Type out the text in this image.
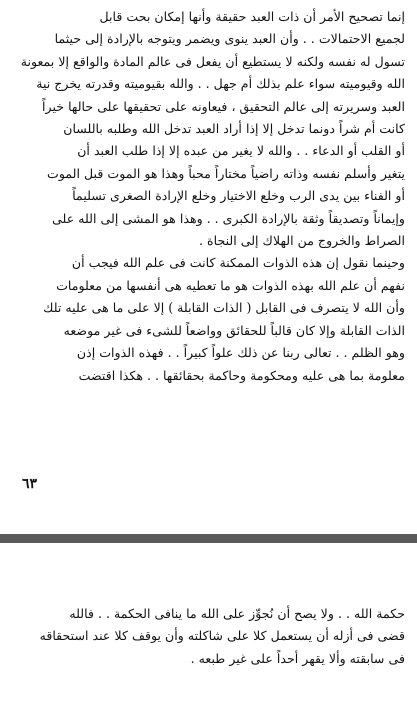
إنما تصحيح الأمر أن ذات العبد حقيقة وأنها إمكان بحت قابل
لجميع الاحتمالات . . وأن العبد ينوى ويضمر ويتوجه بالإرادة إلى حيثما
تسول له نفسه ولكنه لا يستطيع أن يفعل فى عالم المادة والواقع إلا بمعونة
الله وقيوميته سواء علم بذلك أم جهل . . والله بقيوميته وقدرته يخرج نية
العبد وسريرته إلى عالم التحقيق ، فيعاونه على تحقيقها على حالها خيراً
كانت أم شراً دونما تدخل إلا إذا أراد العبد تدخل الله وطلبه باللسان
أو القلب أو الدعاء . . والله لا يغير من عبده إلا إذا طلب العبد أن
يتغير وأسلم نفسه وذاته راضياً مختاراً محباً وهذا هو الموت قبل الموت
أو الفناء بين يدى الرب وخلع الاختيار وخلع الإرادة الصغرى تسليماً
وإيماناً وتصديقاً وثقة بالإرادة الكبرى . . وهذا هو المشى إلى الله على
الصراط والخروج من الهلاك إلى النجاة .

وحينما نقول إن هذه الذوات الممكنة كانت فى علم الله فيجب أن
نفهم أن علم الله بهذه الذوات هو ما تعطيه هى أنفسها من معلومات
وأن الله لا يتصرف فى القابل ( الذات القابلة ) إلا على ما هى عليه تلك
الذات القابلة وإلا كان قالباً للحقائق وواضعاً للشىء فى غير موضعه
وهو الظلم . . تعالى ربنا عن ذلك علواً كبيراً . . فهذه الذوات إذن
معلومة بما هى عليه ومحكومة وحاكمة بحقائقها . . هكذا اقتضت

٦٣

حكمة الله . . ولا يصح أن نُجوِّز على الله ما ينافى الحكمة . . فالله
قضى فى أزله أن يستعمل كلا على شاكلته وأن يوقف كلا عند استحقاقه
فى سابقته وألا يقهر أحداً على غير طبعه .
